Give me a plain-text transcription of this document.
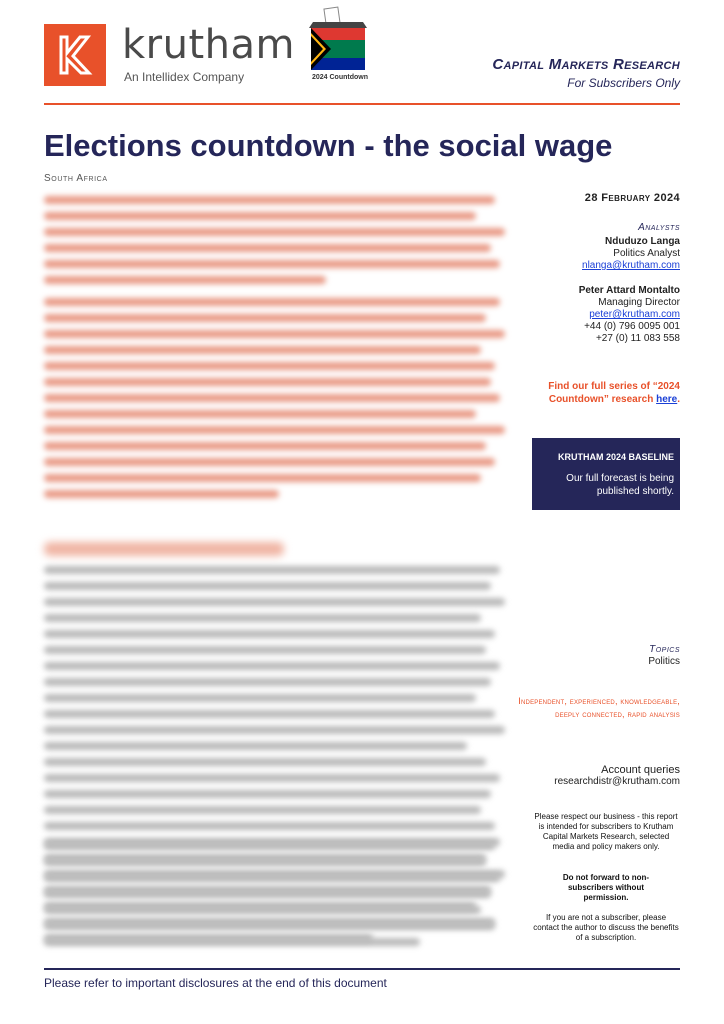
krutham
An Intellidex Company	2024 Countdown
Capital Markets Research
For Subscribers Only
Elections countdown - the social wage
South Africa
28 February 2024
Analysts
Nduduzo Langa
Politics Analyst
nlanga@krutham.com
Peter Attard Montalto
Managing Director
peter@krutham.com
+44 (0) 796 0095 001
+27 (0) 11 083 558
Find our full series of “2024 Countdown” research here.
KRUTHAM 2024 BASELINE
Our full forecast is being published shortly.
Topics
Politics
Independent, experienced, knowledgeable,
deeply connected, rapid analysis
Account queries
researchdistr@krutham.com
Please respect our business - this report is intended for subscribers to Krutham Capital Markets Research, selected media and policy makers only.
Do not forward to non-subscribers without permission.
If you are not a subscriber, please contact the author to discuss the benefits of a subscription.
Please refer to important disclosures at the end of this document
